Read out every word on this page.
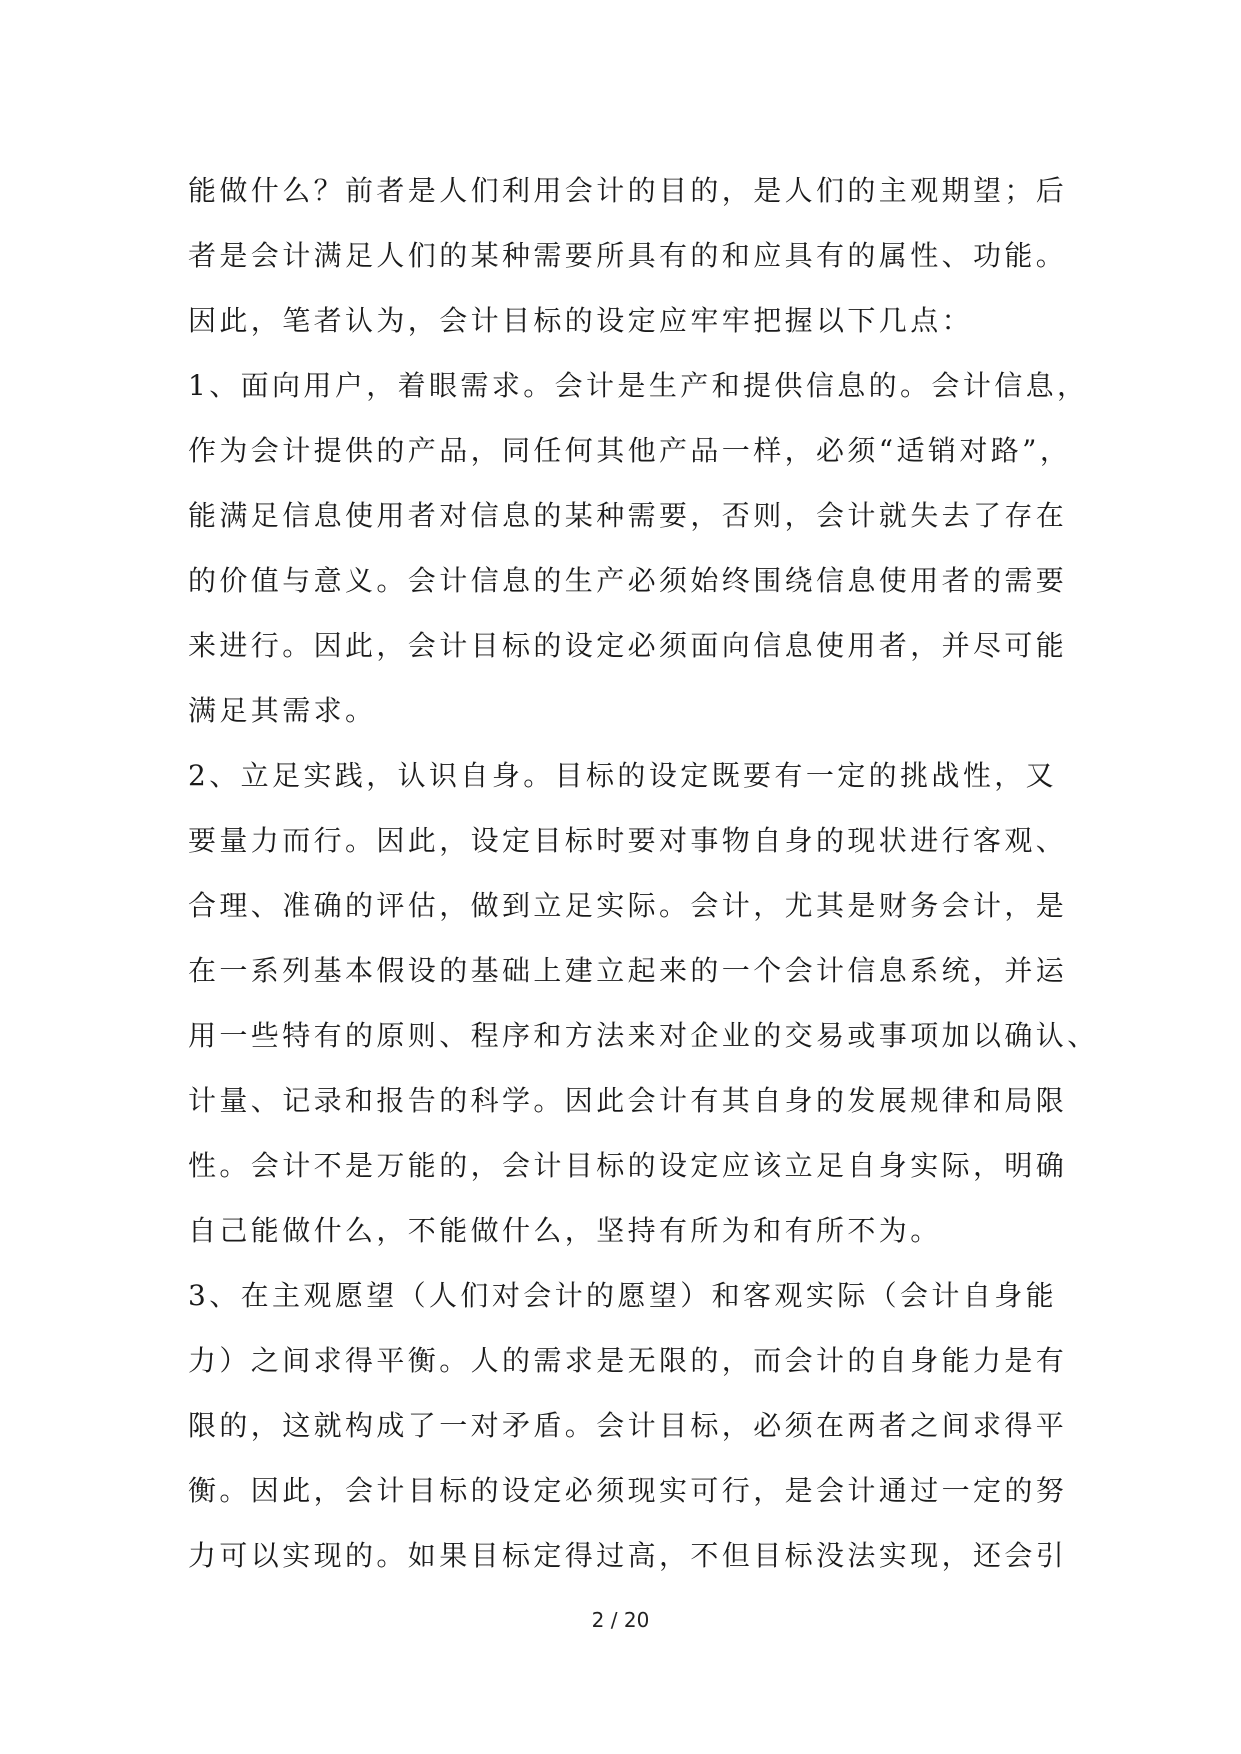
能做什么？前者是人们利用会计的目的，是人们的主观期望；后
者是会计满足人们的某种需要所具有的和应具有的属性、功能。
因此，笔者认为，会计目标的设定应牢牢把握以下几点：
1、面向用户，着眼需求。会计是生产和提供信息的。会计信息，
作为会计提供的产品，同任何其他产品一样，必须“适销对路”，
能满足信息使用者对信息的某种需要，否则，会计就失去了存在
的价值与意义。会计信息的生产必须始终围绕信息使用者的需要
来进行。因此，会计目标的设定必须面向信息使用者，并尽可能
满足其需求。
2、立足实践，认识自身。目标的设定既要有一定的挑战性，又
要量力而行。因此，设定目标时要对事物自身的现状进行客观、
合理、准确的评估，做到立足实际。会计，尤其是财务会计，是
在一系列基本假设的基础上建立起来的一个会计信息系统，并运
用一些特有的原则、程序和方法来对企业的交易或事项加以确认、
计量、记录和报告的科学。因此会计有其自身的发展规律和局限
性。会计不是万能的，会计目标的设定应该立足自身实际，明确
自己能做什么，不能做什么，坚持有所为和有所不为。
3、在主观愿望（人们对会计的愿望）和客观实际（会计自身能
力）之间求得平衡。人的需求是无限的，而会计的自身能力是有
限的，这就构成了一对矛盾。会计目标，必须在两者之间求得平
衡。因此，会计目标的设定必须现实可行，是会计通过一定的努
力可以实现的。如果目标定得过高，不但目标没法实现，还会引
2 / 20
